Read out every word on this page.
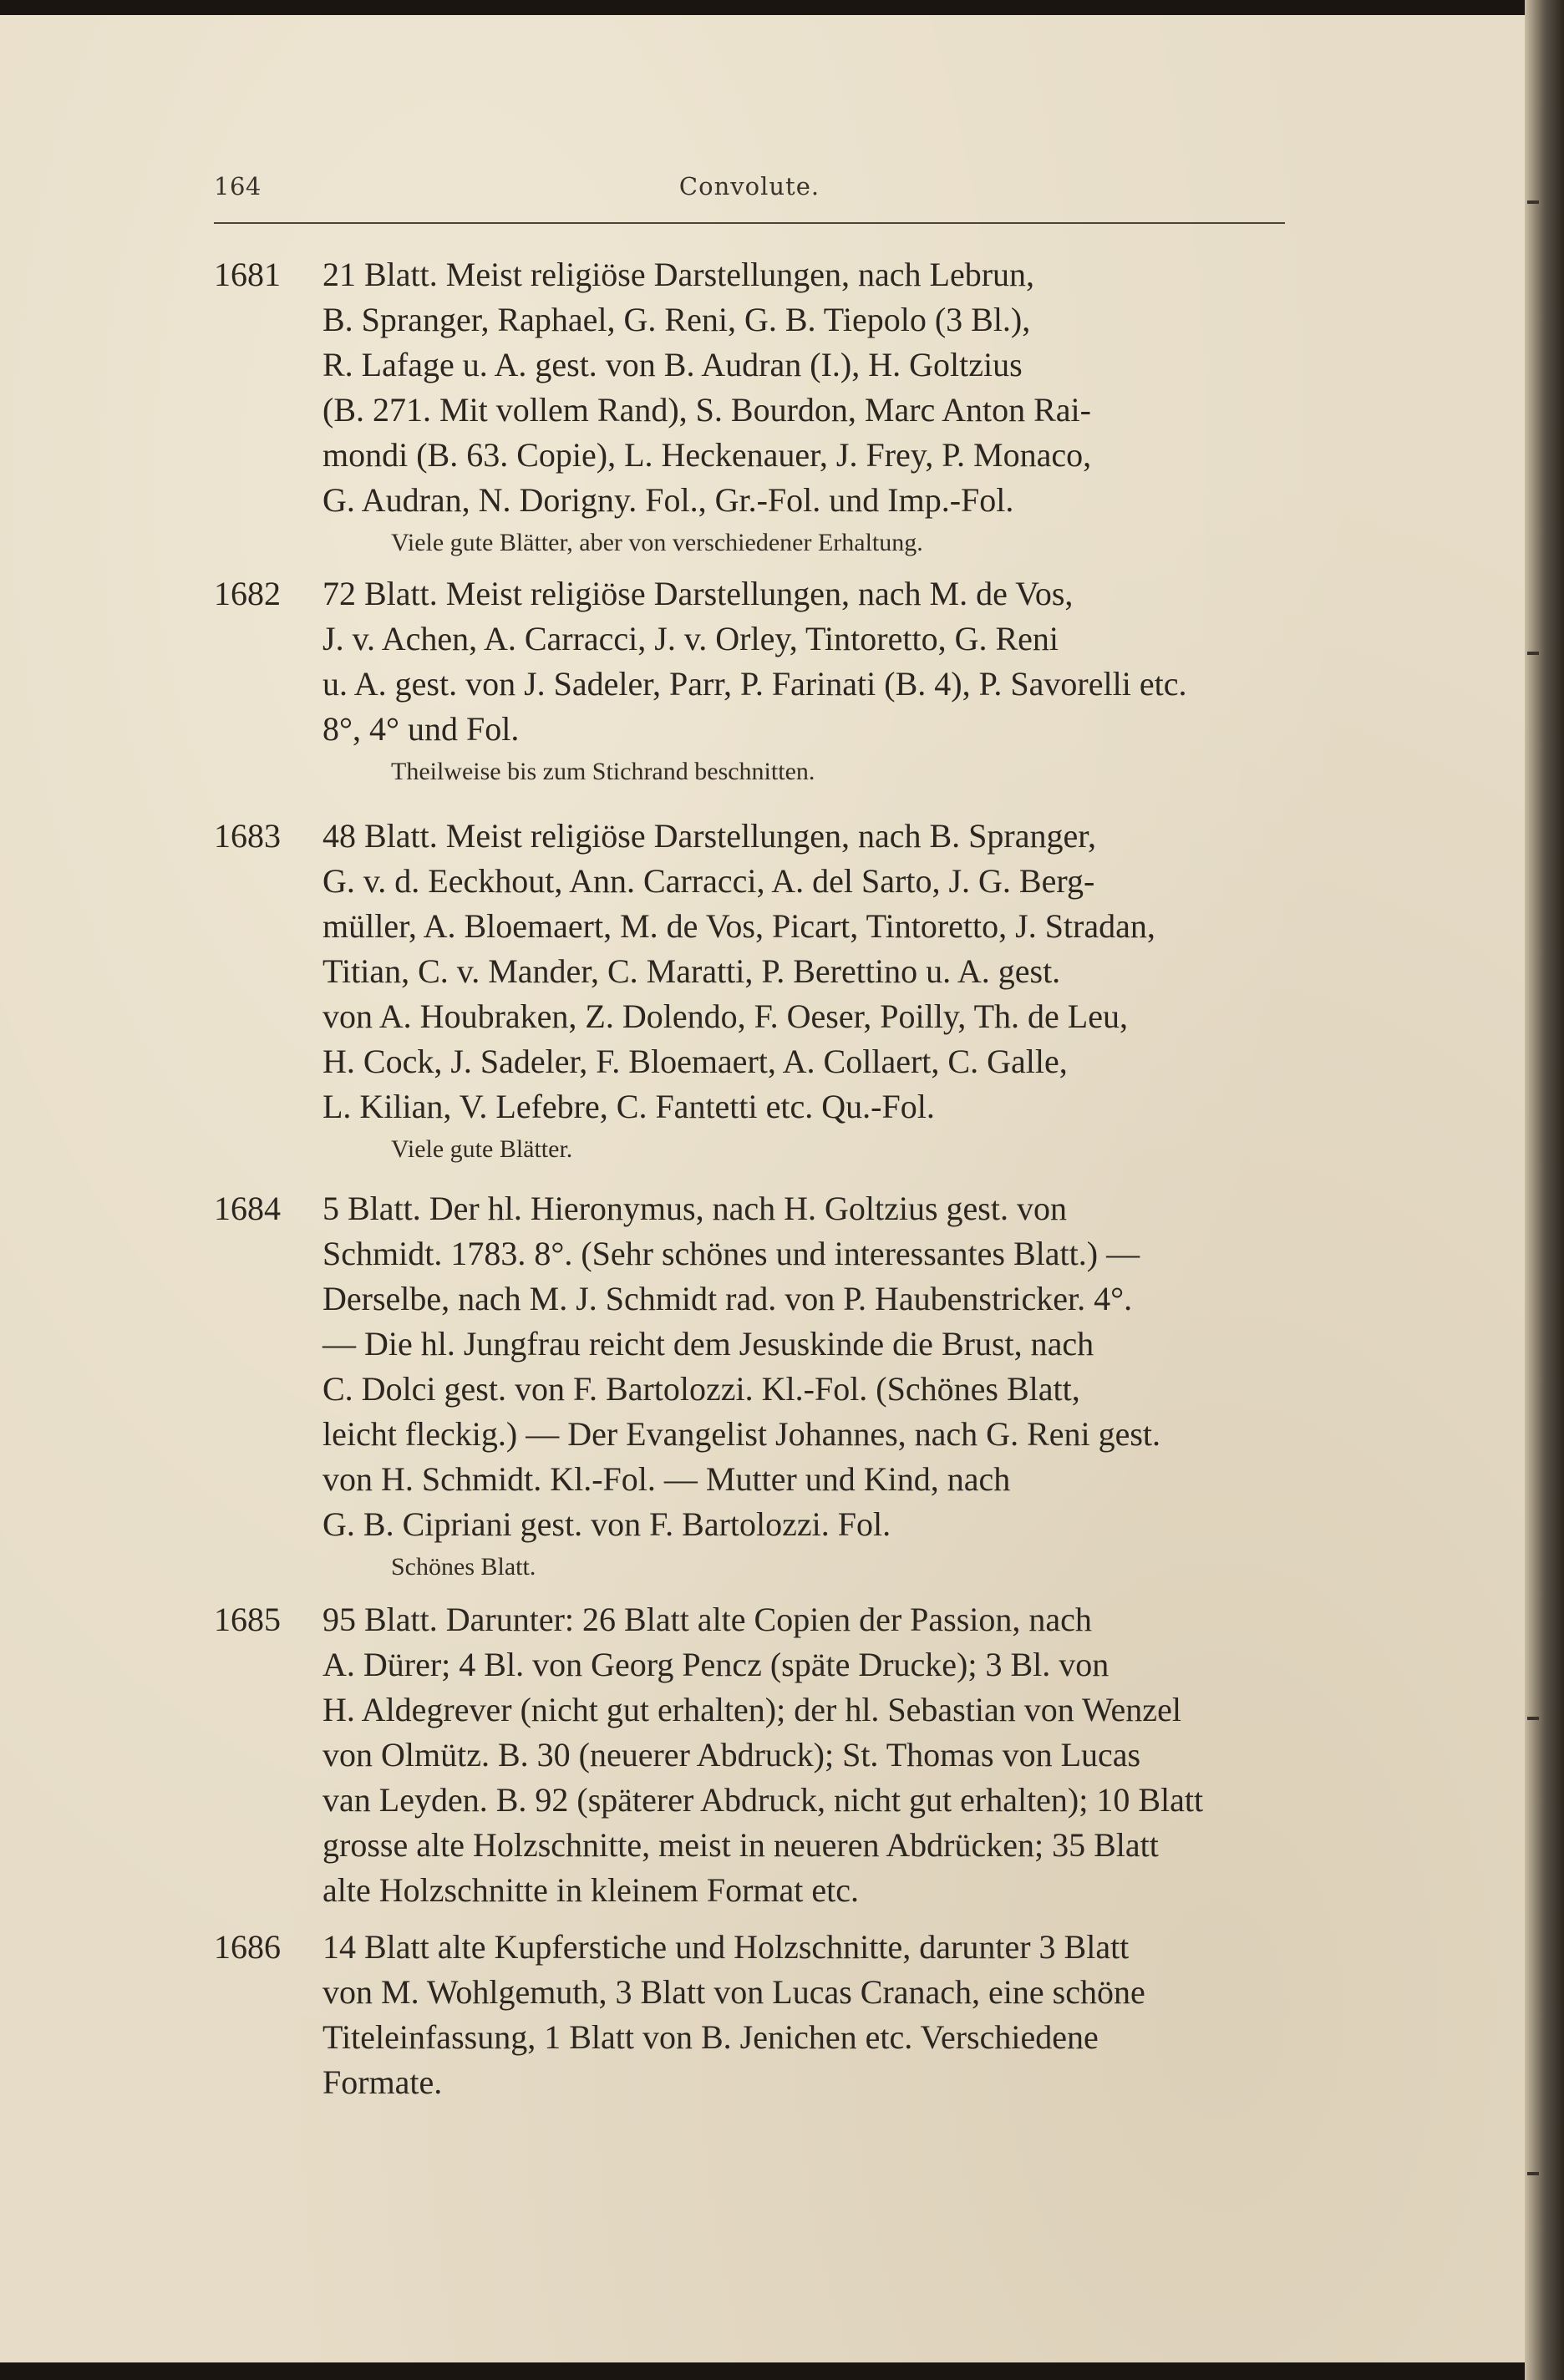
164	Convolute.
1681 21 Blatt. Meist religiöse Darstellungen, nach Lebrun,
B. Spranger, Raphael, G. Reni, G. B. Tiepolo (3 Bl.),
R. Lafage u. A. gest. von B. Audran (I.), H. Goltzius
(B. 271. Mit vollem Rand), S. Bourdon, Marc Anton Rai-
mondi (B. 63. Copie), L. Heckenauer, J. Frey, P. Monaco,
G. Audran, N. Dorigny. Fol., Gr.-Fol. und Imp.-Fol.
Viele gute Blätter, aber von verschiedener Erhaltung.
1682 72 Blatt. Meist religiöse Darstellungen, nach M. de Vos,
J. v. Achen, A. Carracci, J. v. Orley, Tintoretto, G. Reni
u. A. gest. von J. Sadeler, Parr, P. Farinati (B. 4), P. Savorelli etc.
8°, 4° und Fol.
Theilweise bis zum Stichrand beschnitten.
1683 48 Blatt. Meist religiöse Darstellungen, nach B. Spranger,
G. v. d. Eeckhout, Ann. Carracci, A. del Sarto, J. G. Berg-
müller, A. Bloemaert, M. de Vos, Picart, Tintoretto, J. Stradan,
Titian, C. v. Mander, C. Maratti, P. Berettino u. A. gest.
von A. Houbraken, Z. Dolendo, F. Oeser, Poilly, Th. de Leu,
H. Cock, J. Sadeler, F. Bloemaert, A. Collaert, C. Galle,
L. Kilian, V. Lefebre, C. Fantetti etc. Qu.-Fol.
Viele gute Blätter.
1684 5 Blatt. Der hl. Hieronymus, nach H. Goltzius gest. von
Schmidt. 1783. 8°. (Sehr schönes und interessantes Blatt.) —
Derselbe, nach M. J. Schmidt rad. von P. Haubenstricker. 4°.
— Die hl. Jungfrau reicht dem Jesuskinde die Brust, nach
C. Dolci gest. von F. Bartolozzi. Kl.-Fol. (Schönes Blatt,
leicht fleckig.) — Der Evangelist Johannes, nach G. Reni gest.
von H. Schmidt. Kl.-Fol. — Mutter und Kind, nach
G. B. Cipriani gest. von F. Bartolozzi. Fol.
Schönes Blatt.
1685 95 Blatt. Darunter: 26 Blatt alte Copien der Passion, nach
A. Dürer; 4 Bl. von Georg Pencz (späte Drucke); 3 Bl. von
H. Aldegrever (nicht gut erhalten); der hl. Sebastian von Wenzel
von Olmütz. B. 30 (neuerer Abdruck); St. Thomas von Lucas
van Leyden. B. 92 (späterer Abdruck, nicht gut erhalten); 10 Blatt
grosse alte Holzschnitte, meist in neueren Abdrücken; 35 Blatt
alte Holzschnitte in kleinem Format etc.
1686 14 Blatt alte Kupferstiche und Holzschnitte, darunter 3 Blatt
von M. Wohlgemuth, 3 Blatt von Lucas Cranach, eine schöne
Titeleinfassung, 1 Blatt von B. Jenichen etc. Verschiedene
Formate.
